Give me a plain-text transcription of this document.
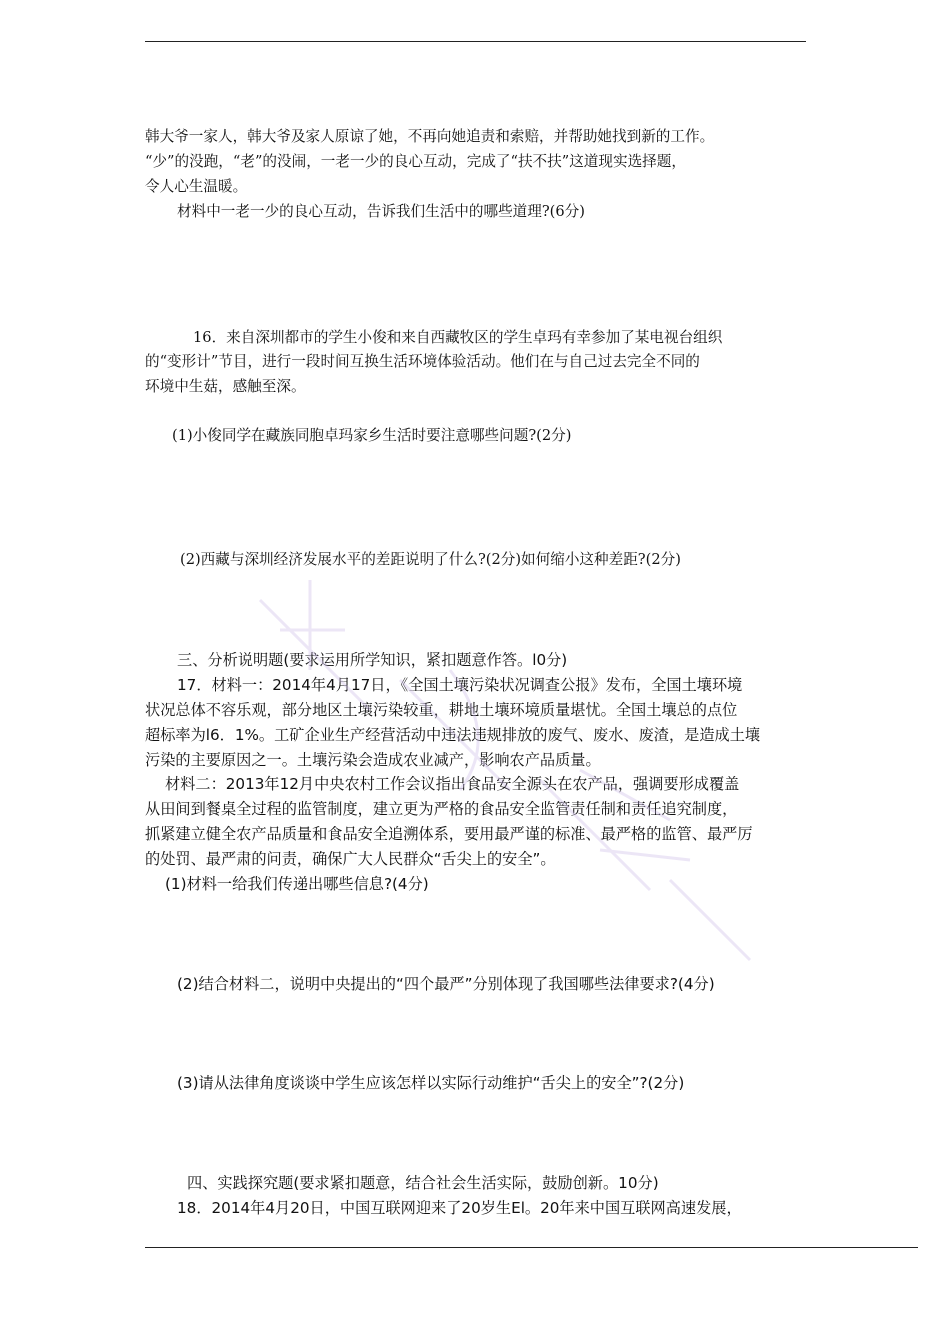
韩大爷一家人，韩大爷及家人原谅了她，不再向她追责和索赔，并帮助她找到新的工作。
“少”的没跑，“老”的没闹，一老一少的良心互动，完成了“扶不扶”这道现实选择题，
令人心生温暖。
材料中一老一少的良心互动，告诉我们生活中的哪些道理?(6分)
16．来自深圳都市的学生小俊和来自西藏牧区的学生卓玛有幸参加了某电视台组织
的“变形计”节目，进行一段时间互换生活环境体验活动。他们在与自己过去完全不同的
环境中生菇，感触至深。
(1)小俊同学在藏族同胞卓玛家乡生活时要注意哪些问题?(2分)
(2)西藏与深圳经济发展水平的差距说明了什么?(2分)如何缩小这种差距?(2分)
三、分析说明题(要求运用所学知识，紧扣题意作答。l0分)
17．材料一：2014年4月17日，《全国土壤污染状况调查公报》发布，全国土壤环境
状况总体不容乐观，部分地区土壤污染较重，耕地土壤环境质量堪忧。全国土壤总的点位
超标率为l6．1%。工矿企业生产经营活动中违法违规排放的废气、废水、废渣，是造成土壤
污染的主要原因之一。土壤污染会造成农业减产，影响农产品质量。
材料二：2013年12月中央农村工作会议指出食品安全源头在农产品，强调要形成覆盖
从田间到餐桌全过程的监管制度，建立更为严格的食品安全监管责任制和责任追究制度，
抓紧建立健全农产品质量和食品安全追溯体系，要用最严谨的标准、最严格的监管、最严厉
的处罚、最严肃的问责，确保广大人民群众“舌尖上的安全”。
(1)材料一给我们传递出哪些信息?(4分)
(2)结合材料二，说明中央提出的“四个最严”分别体现了我国哪些法律要求?(4分)
(3)请从法律角度谈谈中学生应该怎样以实际行动维护“舌尖上的安全”?(2分)
四、实践探究题(要求紧扣题意，结合社会生活实际，鼓励创新。10分)
18．2014年4月20日，中国互联网迎来了20岁生El。20年来中国互联网高速发展，
